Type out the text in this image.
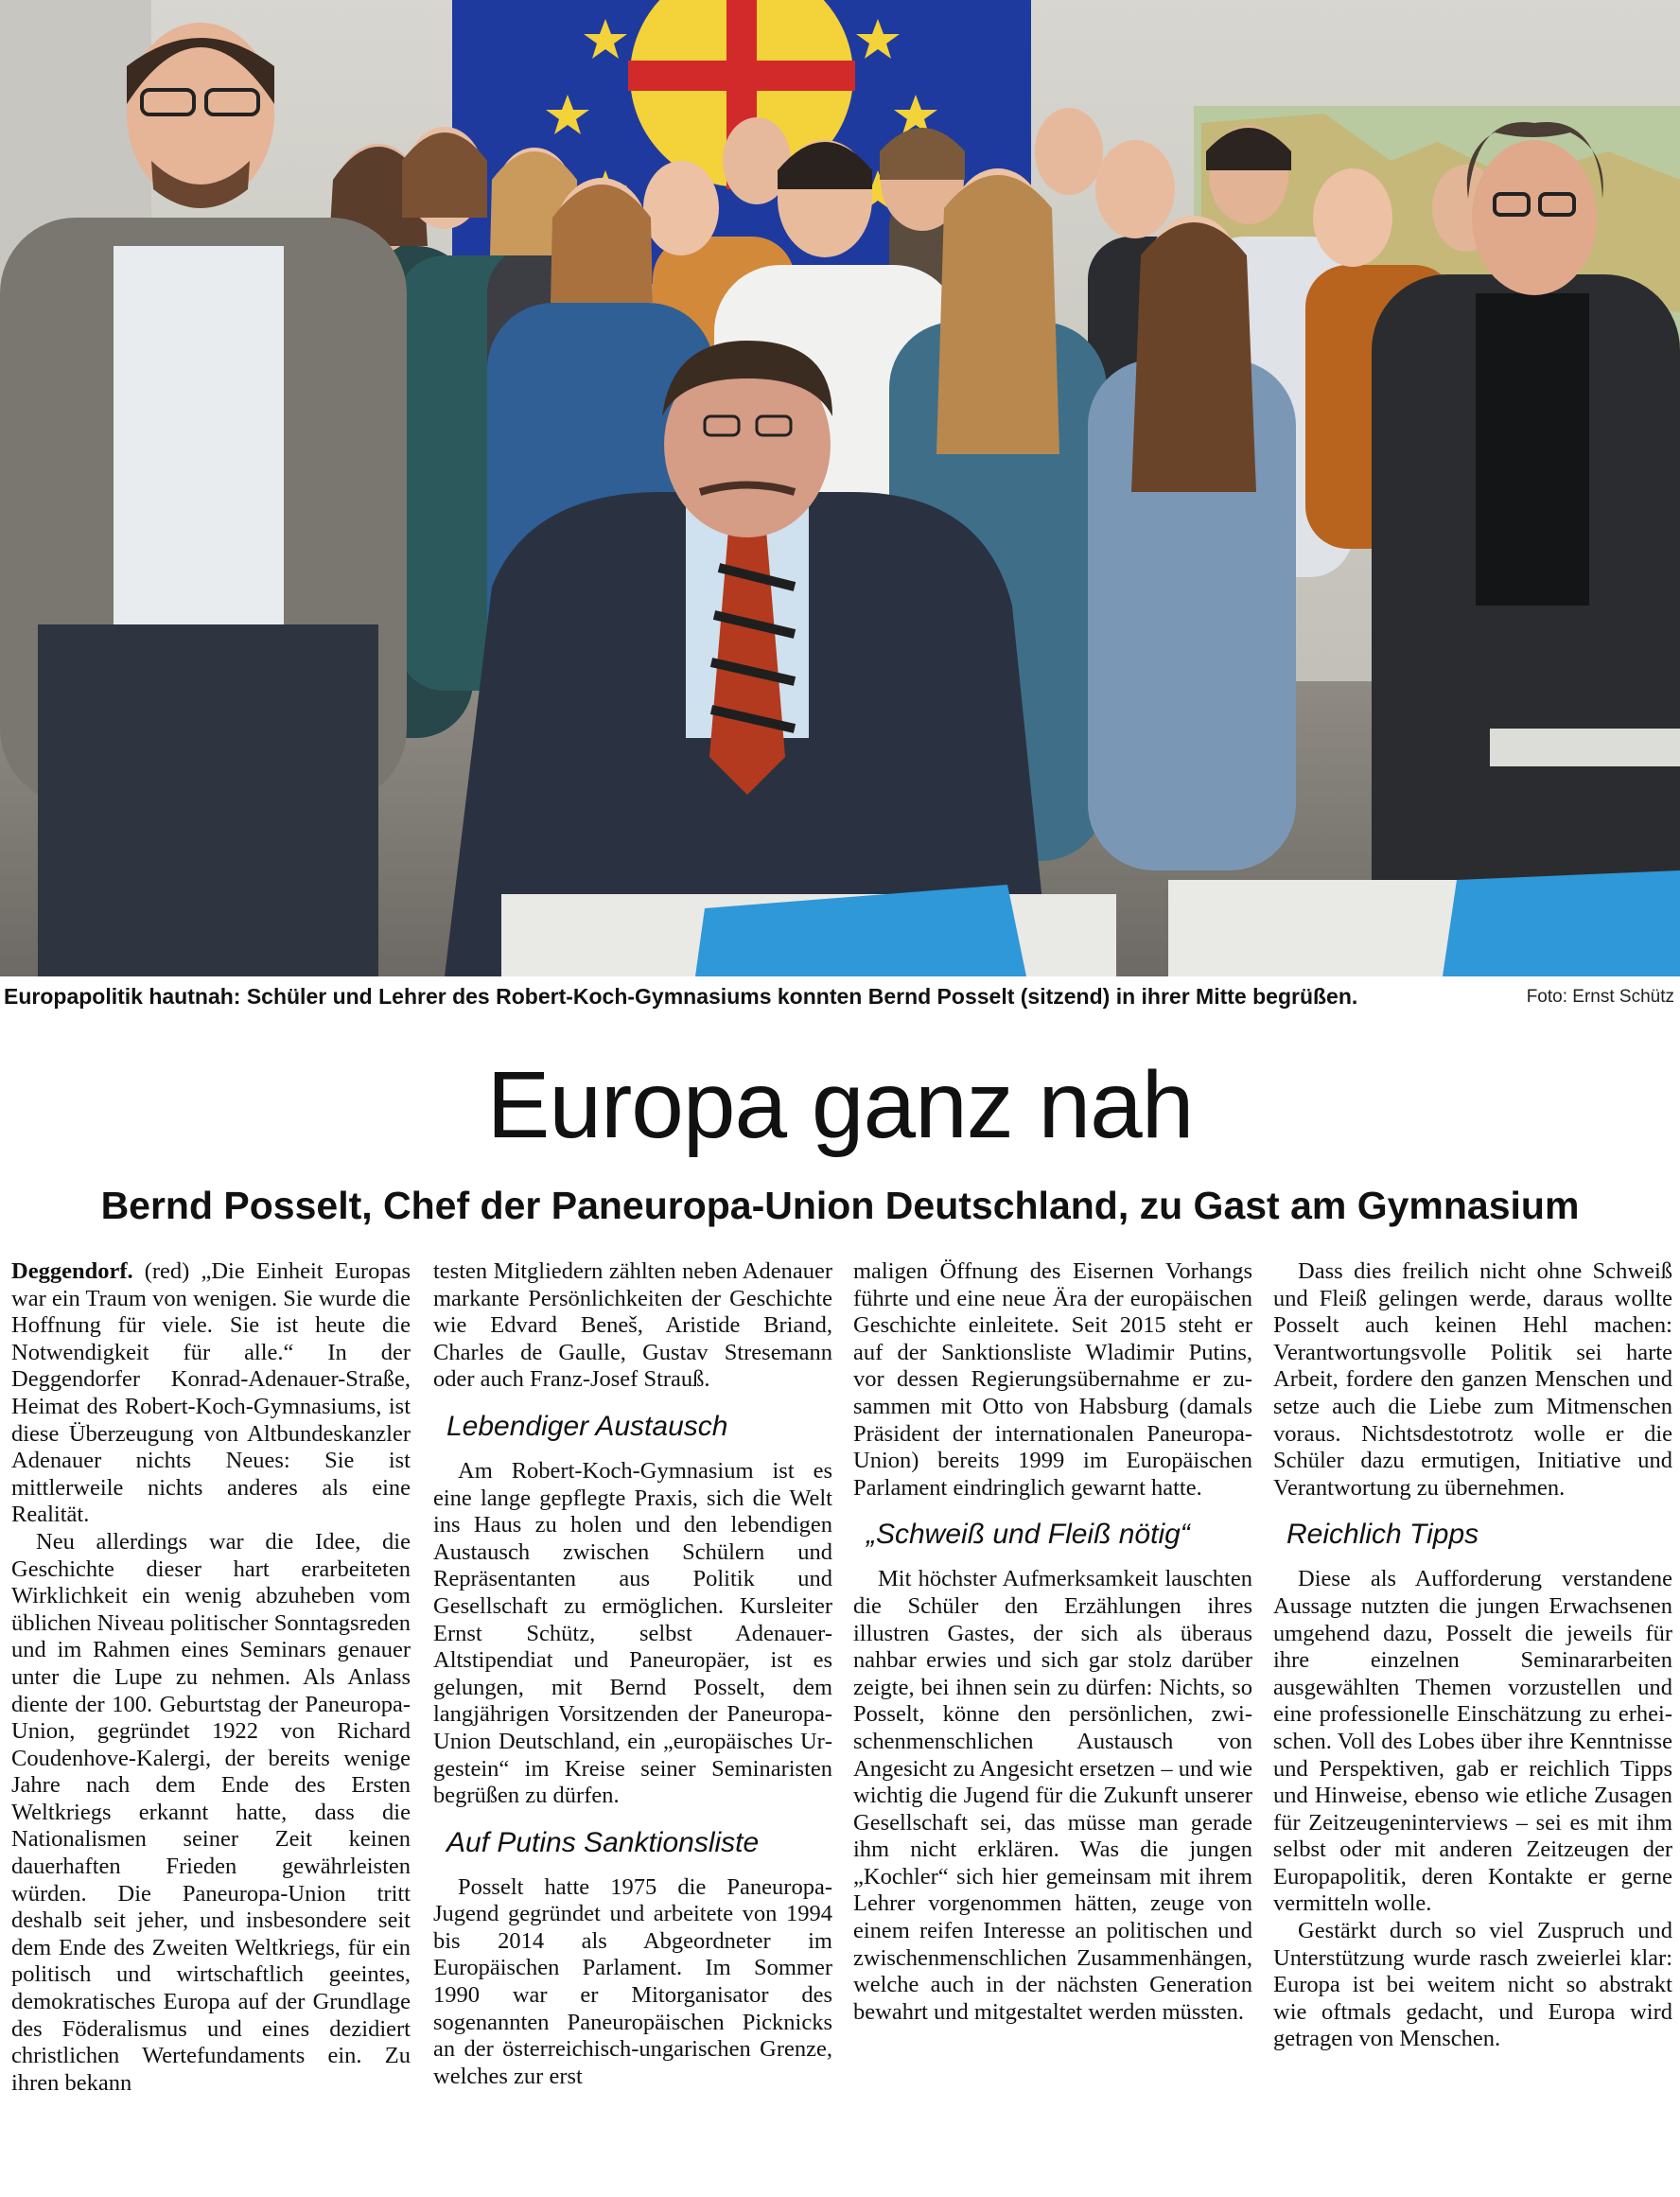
Europapolitik hautnah: Schüler und Lehrer des Robert-Koch-Gymnasiums konnten Bernd Posselt (sitzend) in ihrer Mitte begrüßen.	Foto: Ernst Schütz
Europa ganz nah
Bernd Posselt, Chef der Paneuropa-Union Deutschland, zu Gast am Gymnasium

Deggendorf. (red) „Die Einheit Europas war ein Traum von wenigen. Sie wurde die Hoffnung für viele. Sie ist heute die Notwendigkeit für alle.“ In der Deggendorfer Konrad-Adenauer-Straße, Heimat des Robert-Koch-Gymnasiums, ist diese Überzeugung von Altbundeskanzler Adenauer nichts Neues: Sie ist mittlerweile nichts anderes als eine Realität.

Neu allerdings war die Idee, die Geschichte dieser hart erarbeiteten Wirklichkeit ein wenig abzuheben vom üblichen Niveau politischer Sonntagsreden und im Rahmen eines Seminars genauer unter die Lupe zu nehmen. Als Anlass diente der 100. Geburtstag der Paneuropa-Union, gegründet 1922 von Richard Coudenhove-Kalergi, der bereits wenige Jahre nach dem Ende des Ersten Weltkriegs erkannt hatte, dass die Nationalismen seiner Zeit keinen dauerhaften Frieden gewährleisten würden. Die Paneuropa-Union tritt deshalb seit jeher, und insbesondere seit dem Ende des Zweiten Weltkriegs, für ein politisch und wirtschaftlich geeintes, demokratisches Europa auf der Grundlage des Föderalismus und eines dezidiert christlichen Wertefundaments ein. Zu ihren bekann

testen Mitgliedern zählten neben Adenauer markante Persönlichkeiten der Geschichte wie Edvard Beneš, Aristide Briand, Charles de Gaulle, Gustav Stresemann oder auch Franz-Josef Strauß.

Lebendiger Austausch

Am Robert-Koch-Gymnasium ist es eine lange gepflegte Praxis, sich die Welt ins Haus zu holen und den lebendigen Austausch zwischen Schülern und Repräsentanten aus Politik und Gesellschaft zu ermöglichen. Kursleiter Ernst Schütz, selbst Adenauer-Altstipendiat und Paneuropäer, ist es gelungen, mit Bernd Posselt, dem langjährigen Vorsitzenden der Paneuropa-Union Deutschland, ein „europäisches Urgestein“ im Kreise seiner Seminaristen begrüßen zu dürfen.

Auf Putins Sanktionsliste

Posselt hatte 1975 die Paneuropa-Jugend gegründet und arbeitete von 1994 bis 2014 als Abgeordneter im Europäischen Parlament. Im Sommer 1990 war er Mitorganisator des sogenannten Paneuropäischen Picknicks an der österreichisch-ungarischen Grenze, welches zur erst

maligen Öffnung des Eisernen Vorhangs führte und eine neue Ära der europäischen Geschichte einleitete. Seit 2015 steht er auf der Sanktionsliste Wladimir Putins, vor dessen Regierungsübernahme er zusammen mit Otto von Habsburg (damals Präsident der internationalen Paneuropa-Union) bereits 1999 im Europäischen Parlament eindringlich gewarnt hatte.

„Schweiß und Fleiß nötig“

Mit höchster Aufmerksamkeit lauschten die Schüler den Erzählungen ihres illustren Gastes, der sich als überaus nahbar erwies und sich gar stolz darüber zeigte, bei ihnen sein zu dürfen: Nichts, so Posselt, könne den persönlichen, zwischenmenschlichen Austausch von Angesicht zu Angesicht ersetzen – und wie wichtig die Jugend für die Zukunft unserer Gesellschaft sei, das müsse man gerade ihm nicht erklären. Was die jungen „Kochler“ sich hier gemeinsam mit ihrem Lehrer vorgenommen hätten, zeuge von einem reifen Interesse an politischen und zwischenmenschlichen Zusammenhängen, welche auch in der nächsten Generation bewahrt und mitgestaltet werden müssten.

Dass dies freilich nicht ohne Schweiß und Fleiß gelingen werde, daraus wollte Posselt auch keinen Hehl machen: Verantwortungsvolle Politik sei harte Arbeit, fordere den ganzen Menschen und setze auch die Liebe zum Mitmenschen voraus. Nichtsdestotrotz wolle er die Schüler dazu ermutigen, Initiative und Verantwortung zu übernehmen.

Reichlich Tipps

Diese als Aufforderung verstandene Aussage nutzten die jungen Erwachsenen umgehend dazu, Posselt die jeweils für ihre einzelnen Seminararbeiten ausgewählten Themen vorzustellen und eine professionelle Einschätzung zu erheischen. Voll des Lobes über ihre Kenntnisse und Perspektiven, gab er reichlich Tipps und Hinweise, ebenso wie etliche Zusagen für Zeitzeugeninterviews – sei es mit ihm selbst oder mit anderen Zeitzeugen der Europapolitik, deren Kontakte er gerne vermitteln wolle.

Gestärkt durch so viel Zuspruch und Unterstützung wurde rasch zweierlei klar: Europa ist bei weitem nicht so abstrakt wie oftmals gedacht, und Europa wird getragen von Menschen.
